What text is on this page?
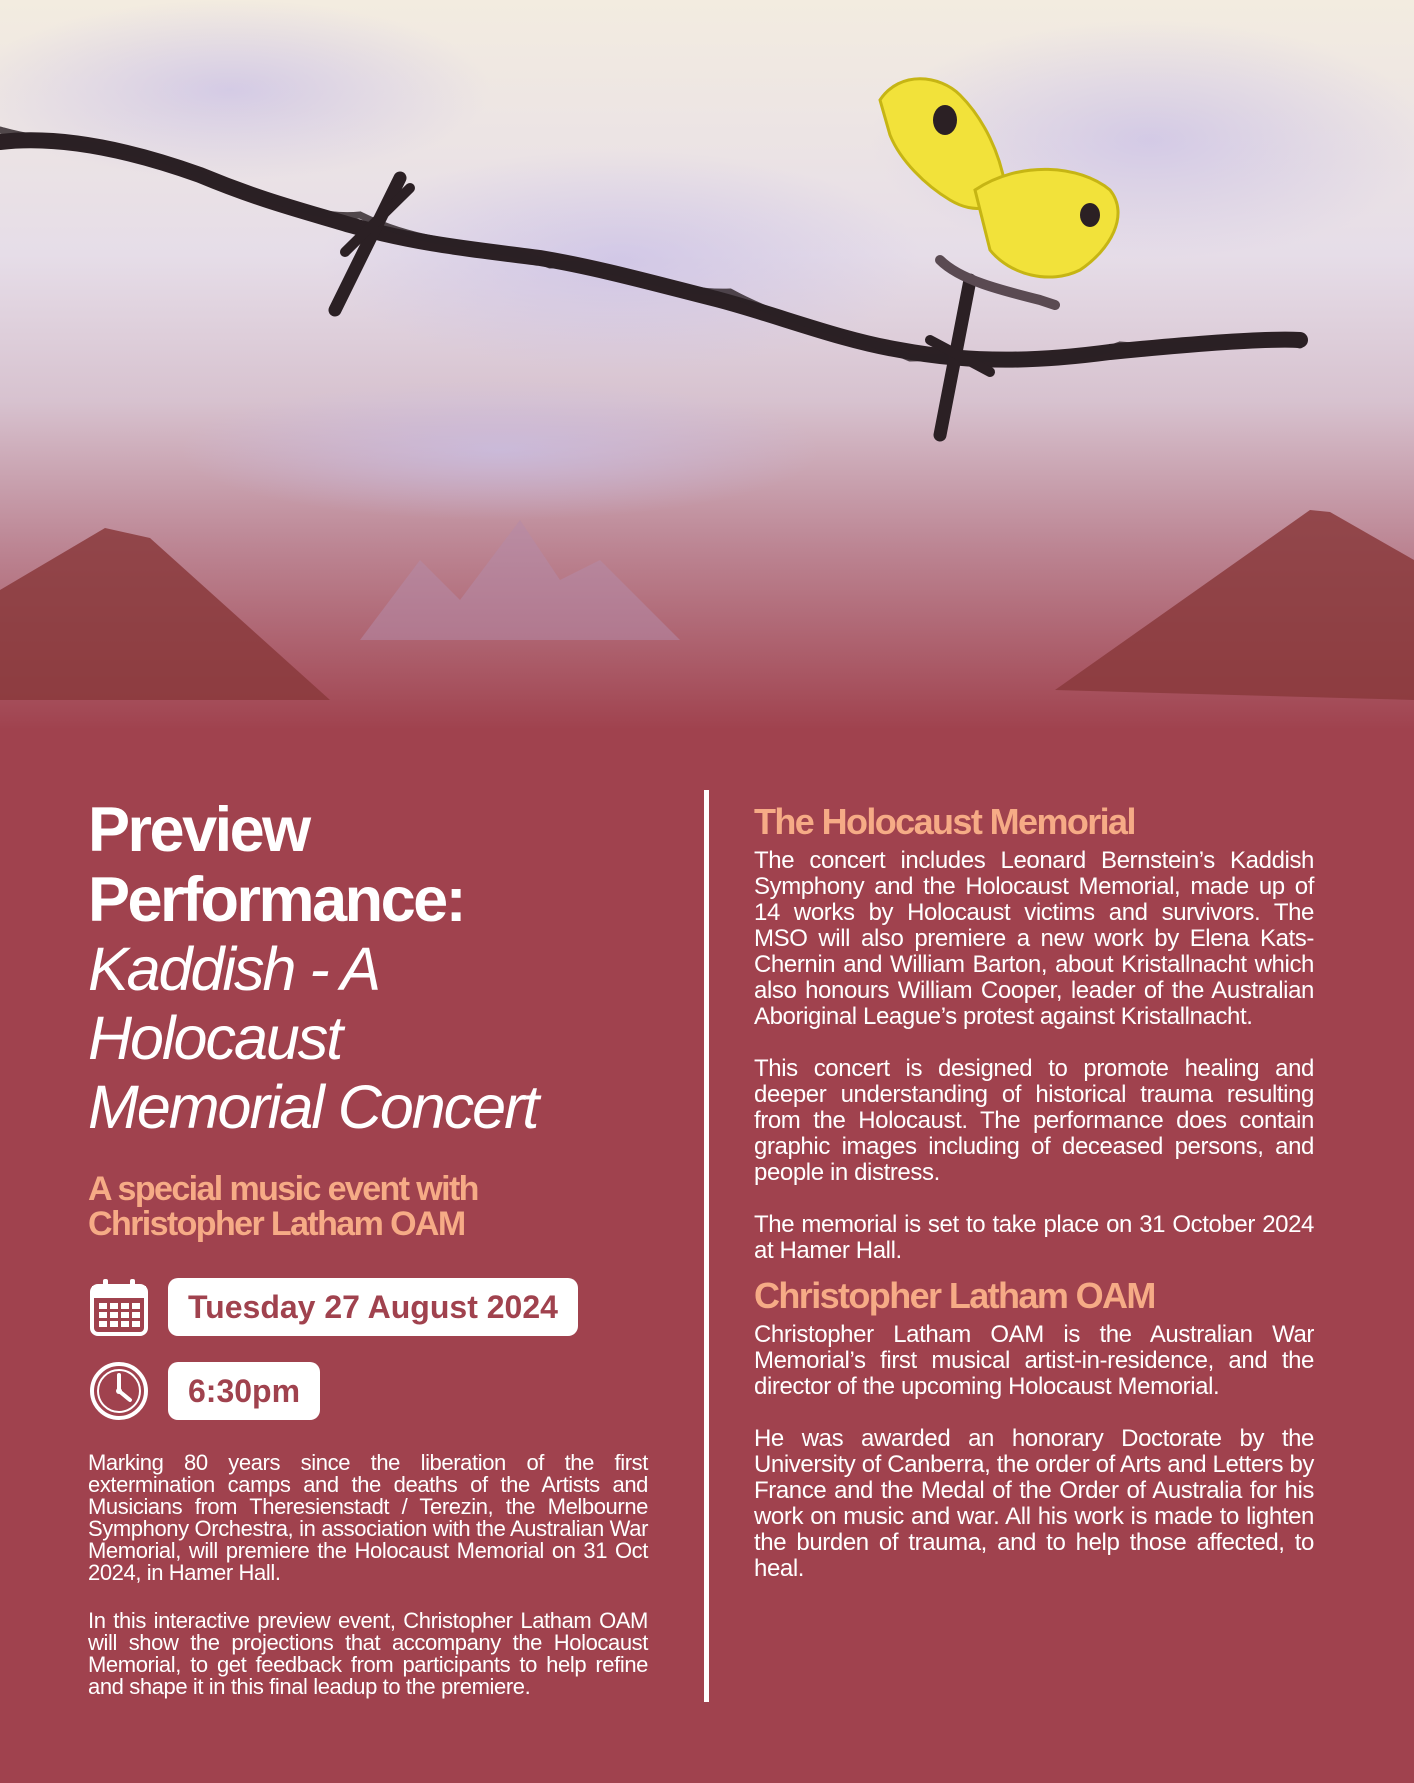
Preview
Performance:
Kaddish - A
Holocaust
Memorial Concert
A special music event with
Christopher Latham OAM
Tuesday 27 August 2024
6:30pm

Marking 80 years since the liberation of the first extermination camps and the deaths of the Artists and Musicians from Theresienstadt / Terezin, the Melbourne Symphony Orchestra, in association with the Australian War Memorial, will premiere the Holocaust Memorial on 31 Oct 2024, in Hamer Hall.

In this interactive preview event, Christopher Latham OAM will show the projections that accompany the Holocaust Memorial, to get feedback from participants to help refine and shape it in this final leadup to the premiere.

The Holocaust Memorial

The concert includes Leonard Bernstein’s Kaddish Symphony and the Holocaust Memorial, made up of 14 works by Holocaust victims and survivors. The MSO will also premiere a new work by Elena Kats-Chernin and William Barton, about Kristallnacht which also honours William Cooper, leader of the Australian Aboriginal League’s protest against Kristallnacht.

This concert is designed to promote healing and deeper understanding of historical trauma resulting from the Holocaust. The performance does contain graphic images including of deceased persons, and people in distress.

The memorial is set to take place on 31 October 2024 at Hamer Hall.

Christopher Latham OAM

Christopher Latham OAM is the Australian War Memorial’s first musical artist-in-residence, and the director of the upcoming Holocaust Memorial.

He was awarded an honorary Doctorate by the University of Canberra, the order of Arts and Letters by France and the Medal of the Order of Australia for his work on music and war. All his work is made to lighten the burden of trauma, and to help those affected, to heal.
